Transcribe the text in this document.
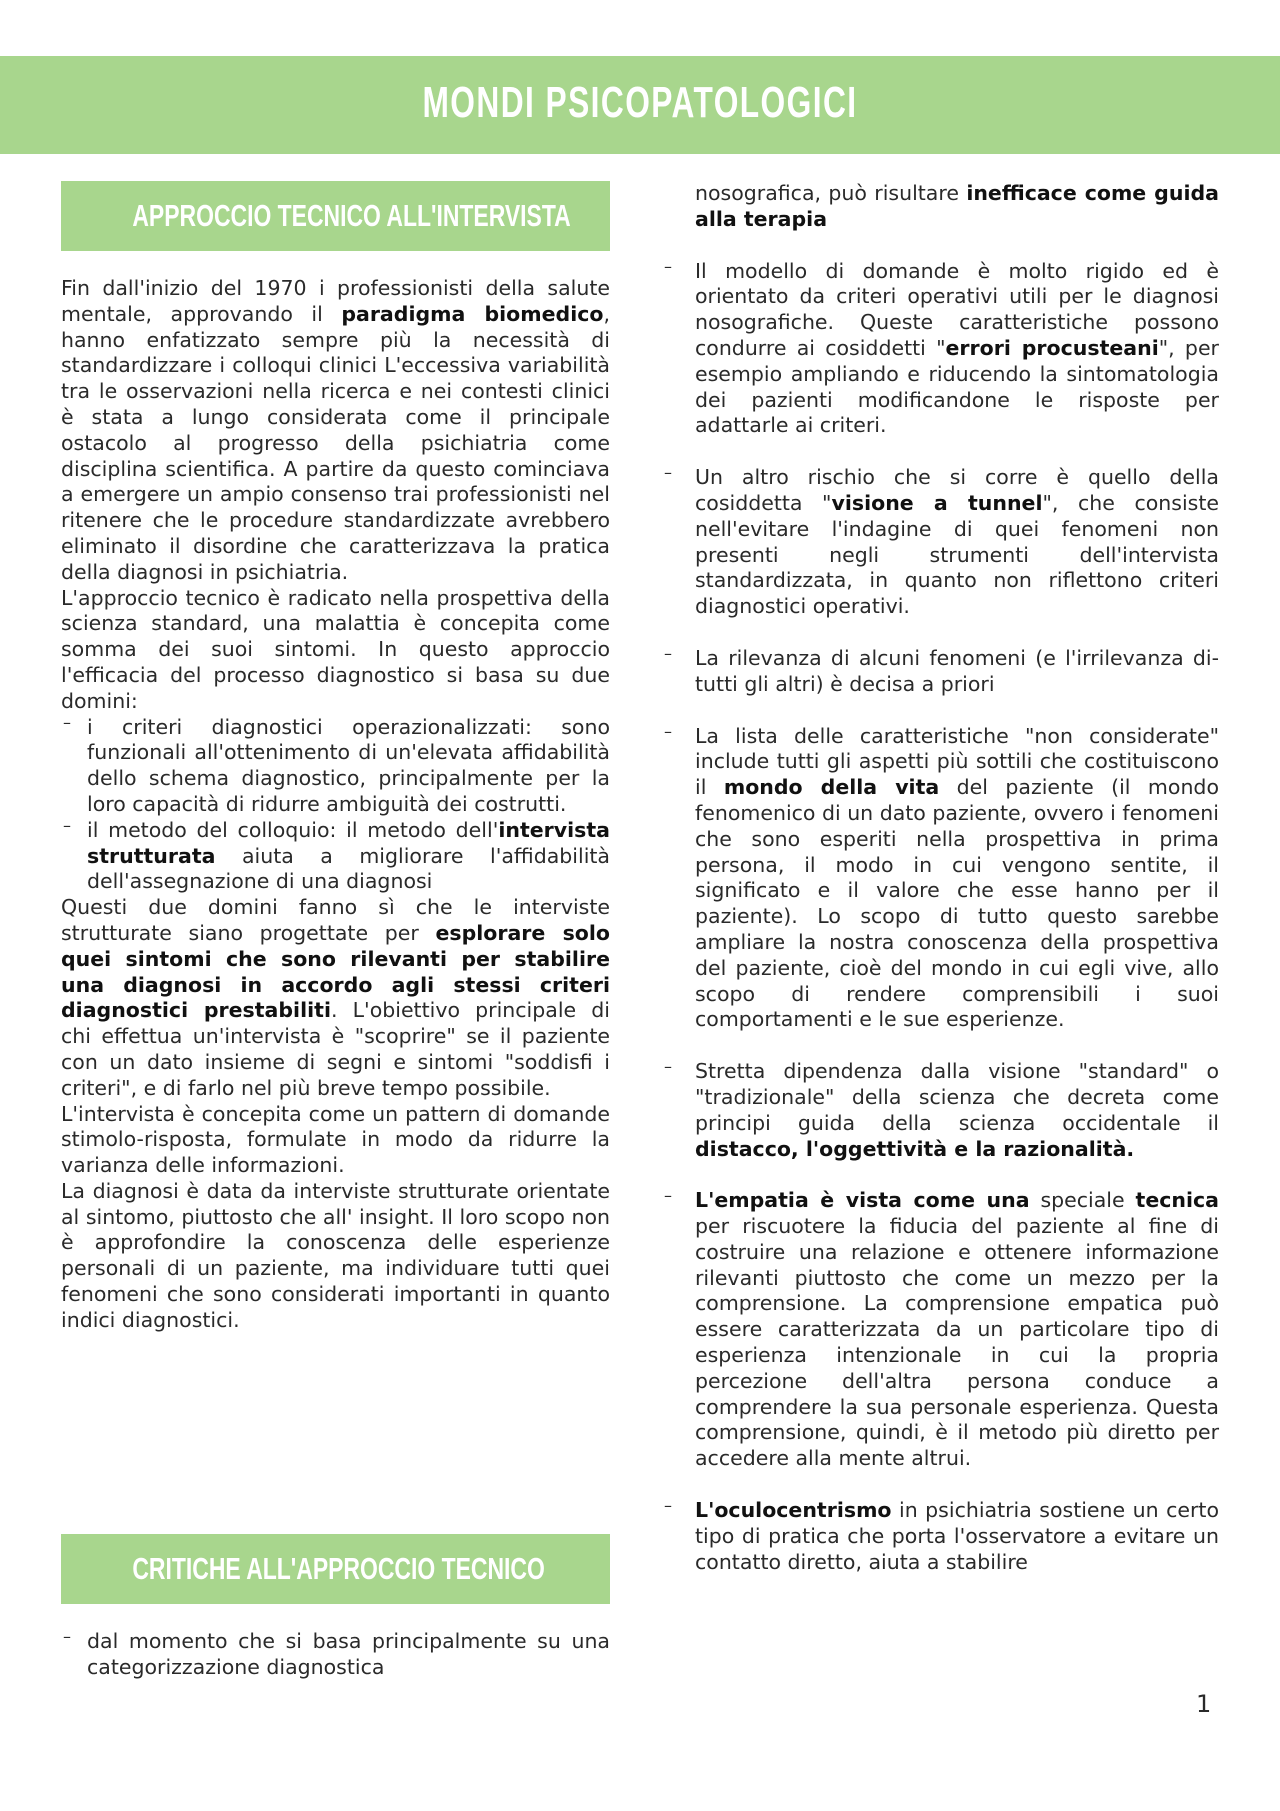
MONDI PSICOPATOLOGICI
APPROCCIO TECNICO ALL'INTERVISTA

Fin dall'inizio del 1970 i professionisti della salute mentale, approvando il paradigma biomedico, hanno enfatizzato sempre più la necessità di standardizzare i colloqui clinici L'eccessiva variabilità tra le osservazioni nella ricerca e nei contesti clinici è stata a lungo considerata come il principale ostacolo al progresso della psichiatria come disciplina scientifica. A partire da questo cominciava a emergere un ampio consenso trai professionisti nel ritenere che le procedure standardizzate avrebbero eliminato il disordine che caratterizzava la pratica della diagnosi in psichiatria.

L'approccio tecnico è radicato nella prospettiva della scienza standard, una malattia è concepita come somma dei suoi sintomi. In questo approccio l'efficacia del processo diagnostico si basa su due domini:

– i criteri diagnostici operazionalizzati: sono funzionali all'ottenimento di un'elevata affidabilità dello schema diagnostico, principalmente per la loro capacità di ridurre ambiguità dei costrutti.
– il metodo del colloquio: il metodo dell'intervista strutturata aiuta a migliorare l'affidabilità dell'assegnazione di una diagnosi

Questi due domini fanno sì che le interviste strutturate siano progettate per esplorare solo quei sintomi che sono rilevanti per stabilire una diagnosi in accordo agli stessi criteri diagnostici prestabiliti. L'obiettivo principale di chi effettua un'intervista è "scoprire" se il paziente con un dato insieme di segni e sintomi "soddisfi i criteri", e di farlo nel più breve tempo possibile.

L'intervista è concepita come un pattern di domande stimolo-risposta, formulate in modo da ridurre la varianza delle informazioni.

La diagnosi è data da interviste strutturate orientate al sintomo, piuttosto che all' insight. Il loro scopo non è approfondire la conoscenza delle esperienze personali di un paziente, ma individuare tutti quei fenomeni che sono considerati importanti in quanto indici diagnostici.

CRITICHE ALL'APPROCCIO TECNICO
– dal momento che si basa principalmente su una categorizzazione diagnostica
nosografica, può risultare inefficace come guida alla terapia
– Il modello di domande è molto rigido ed è orientato da criteri operativi utili per le diagnosi nosografiche. Queste caratteristiche possono condurre ai cosiddetti "errori procusteani", per esempio ampliando e riducendo la sintomatologia dei pazienti modificandone le risposte per adattarle ai criteri.
– Un altro rischio che si corre è quello della cosiddetta "visione a tunnel", che consiste nell'evitare l'indagine di quei fenomeni non presenti negli strumenti dell'intervista standardizzata, in quanto non riflettono criteri diagnostici operativi.
– La rilevanza di alcuni fenomeni (e l'irrilevanza di-tutti gli altri) è decisa a priori
– La lista delle caratteristiche "non considerate" include tutti gli aspetti più sottili che costituiscono il mondo della vita del paziente (il mondo fenomenico di un dato paziente, ovvero i fenomeni che sono esperiti nella prospettiva in prima persona, il modo in cui vengono sentite, il significato e il valore che esse hanno per il paziente). Lo scopo di tutto questo sarebbe ampliare la nostra conoscenza della prospettiva del paziente, cioè del mondo in cui egli vive, allo scopo di rendere comprensibili i suoi comportamenti e le sue esperienze.
– Stretta dipendenza dalla visione "standard" o "tradizionale" della scienza che decreta come principi guida della scienza occidentale il distacco, l'oggettività e la razionalità.
– L'empatia è vista come una speciale tecnica per riscuotere la fiducia del paziente al fine di costruire una relazione e ottenere informazione rilevanti piuttosto che come un mezzo per la comprensione. La comprensione empatica può essere caratterizzata da un particolare tipo di esperienza intenzionale in cui la propria percezione dell'altra persona conduce a comprendere la sua personale esperienza. Questa comprensione, quindi, è il metodo più diretto per accedere alla mente altrui.
– L'oculocentrismo in psichiatria sostiene un certo tipo di pratica che porta l'osservatore a evitare un contatto diretto, aiuta a stabilire
1
